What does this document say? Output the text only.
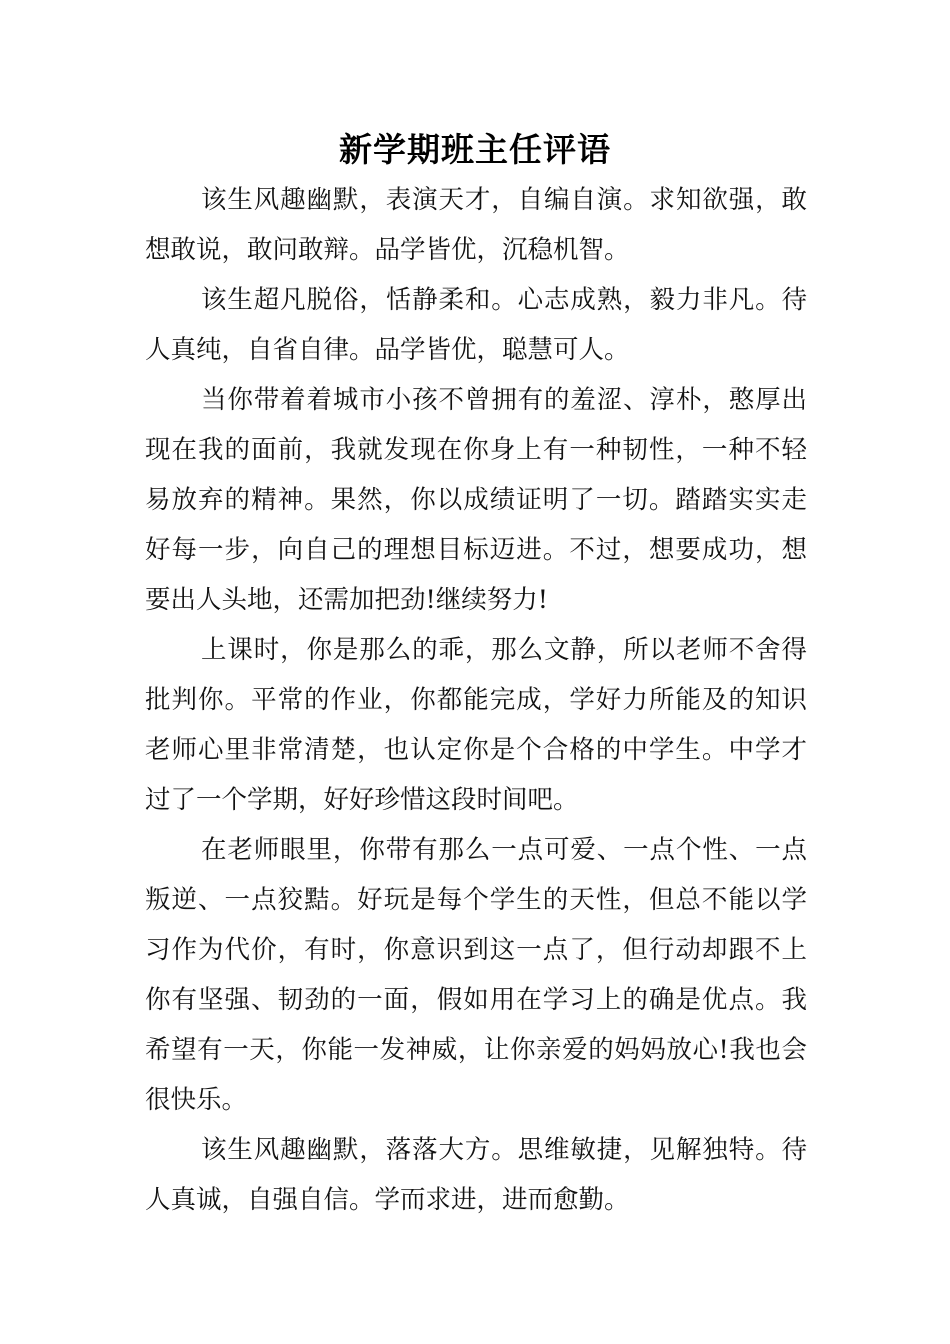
新学期班主任评语

该生风趣幽默，表演天才，自编自演。求知欲强，敢想敢说，敢问敢辩。品学皆优，沉稳机智。

该生超凡脱俗，恬静柔和。心志成熟，毅力非凡。待人真纯，自省自律。品学皆优，聪慧可人。

当你带着着城市小孩不曾拥有的羞涩、淳朴，憨厚出现在我的面前，我就发现在你身上有一种韧性，一种不轻易放弃的精神。果然，你以成绩证明了一切。踏踏实实走好每一步，向自己的理想目标迈进。不过，想要成功，想要出人头地，还需加把劲!继续努力!

上课时，你是那么的乖，那么文静，所以老师不舍得批判你。平常的作业，你都能完成，学好力所能及的知识老师心里非常清楚，也认定你是个合格的中学生。中学才过了一个学期，好好珍惜这段时间吧。

在老师眼里，你带有那么一点可爱、一点个性、一点叛逆、一点狡黠。好玩是每个学生的天性，但总不能以学习作为代价，有时，你意识到这一点了，但行动却跟不上你有坚强、韧劲的一面，假如用在学习上的确是优点。我希望有一天，你能一发神威，让你亲爱的妈妈放心!我也会很快乐。

该生风趣幽默，落落大方。思维敏捷，见解独特。待人真诚，自强自信。学而求进，进而愈勤。
